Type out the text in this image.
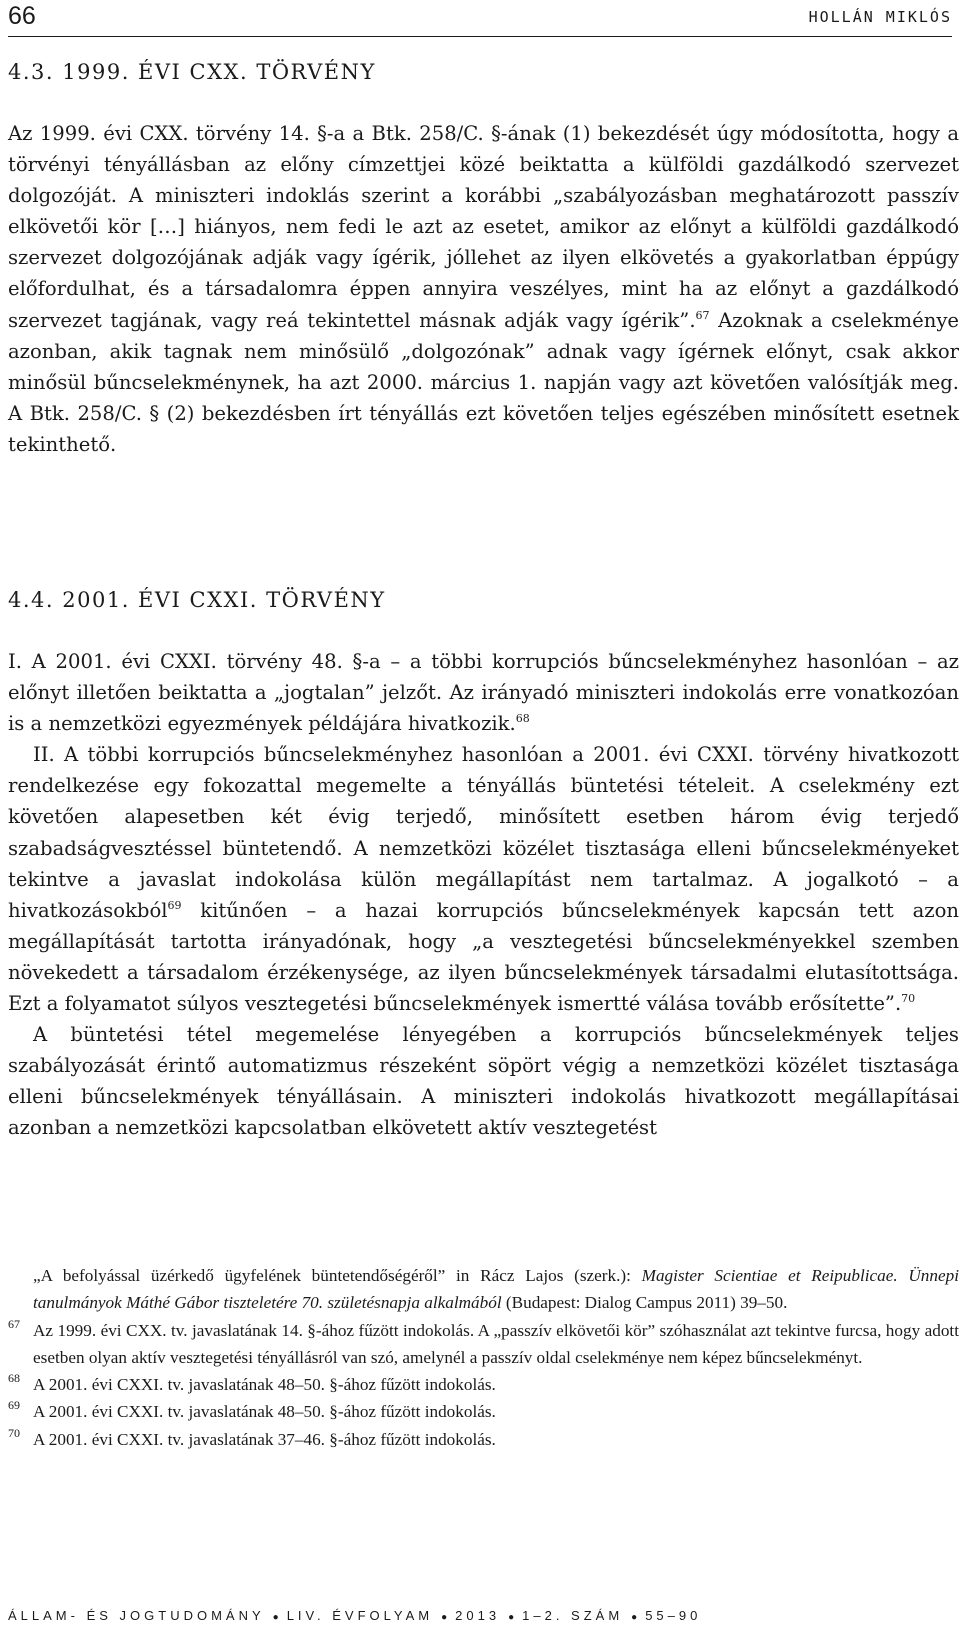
66	HOLLÁN MIKLÓS
4.3. 1999. ÉVI CXX. TÖRVÉNY

Az 1999. évi CXX. törvény 14. §-a a Btk. 258/C. §-ának (1) bekezdését úgy módosította, hogy a törvényi tényállásban az előny címzettjei közé beiktatta a külföldi gazdálkodó szervezet dolgozóját. A miniszteri indoklás szerint a korábbi „szabályozásban meghatározott passzív elkövetői kör […] hiányos, nem fedi le azt az esetet, amikor az előnyt a külföldi gazdálkodó szervezet dolgozójának adják vagy ígérik, jóllehet az ilyen elkövetés a gyakorlatban éppúgy előfordulhat, és a társadalomra éppen annyira veszélyes, mint ha az előnyt a gazdálkodó szervezet tagjának, vagy reá tekintettel másnak adják vagy ígérik”.$^{67}$ Azoknak a cselekménye azonban, akik tagnak nem minősülő „dolgozónak” adnak vagy ígérnek előnyt, csak akkor minősül bűncselekménynek, ha azt 2000. március 1. napján vagy azt követően valósítják meg. A Btk. 258/C. § (2) bekezdésben írt tényállás ezt követően teljes egészében minősített esetnek tekinthető.

4.4. 2001. ÉVI CXXI. TÖRVÉNY

I. A 2001. évi CXXI. törvény 48. §-a – a többi korrupciós bűncselekményhez hasonlóan – az előnyt illetően beiktatta a „jogtalan” jelzőt. Az irányadó miniszteri indokolás erre vonatkozóan is a nemzetközi egyezmények példájára hivatkozik.$^{68}$

II. A többi korrupciós bűncselekményhez hasonlóan a 2001. évi CXXI. törvény hivatkozott rendelkezése egy fokozattal megemelte a tényállás büntetési tételeit. A cselekmény ezt követően alapesetben két évig terjedő, minősített esetben három évig terjedő szabadságvesztéssel büntetendő. A nemzetközi közélet tisztasága elleni bűncselekményeket tekintve a javaslat indokolása külön megállapítást nem tartalmaz. A jogalkotó – a hivatkozásokból$^{69}$ kitűnően – a hazai korrupciós bűncselekmények kapcsán tett azon megállapítását tartotta irányadónak, hogy „a vesztegetési bűncselekményekkel szemben növekedett a társadalom érzékenysége, az ilyen bűncselekmények társadalmi elutasítottsága. Ezt a folyamatot súlyos vesztegetési bűncselekmények ismertté válása tovább erősítette”.$^{70}$

A büntetési tétel megemelése lényegében a korrupciós bűncselekmények teljes szabályozását érintő automatizmus részeként söpört végig a nemzetközi közélet tisztasága elleni bűncselekmények tényállásain. A miniszteri indokolás hivatkozott megállapításai azonban a nemzetközi kapcsolatban elkövetett aktív vesztegetést

„A befolyással üzérkedő ügyfelének büntetendőségéről” in Rácz Lajos (szerk.): Magister Scientiae et Reipublicae. Ünnepi tanulmányok Máthé Gábor tiszteletére 70. születésnapja alkalmából (Budapest: Dialog Campus 2011) 39–50.

67 Az 1999. évi CXX. tv. javaslatának 14. §-ához fűzött indokolás. A „passzív elkövetői kör” szóhasználat azt tekintve furcsa, hogy adott esetben olyan aktív vesztegetési tényállásról van szó, amelynél a passzív oldal cselekménye nem képez bűncselekményt.

68 A 2001. évi CXXI. tv. javaslatának 48–50. §-ához fűzött indokolás.

69 A 2001. évi CXXI. tv. javaslatának 48–50. §-ához fűzött indokolás.

70 A 2001. évi CXXI. tv. javaslatának 37–46. §-ához fűzött indokolás.

ÁLLAM- ÉS JOGTUDOMÁNY ● LIV. ÉVFOLYAM ● 2013 ● 1–2. SZÁM ● 55–90
